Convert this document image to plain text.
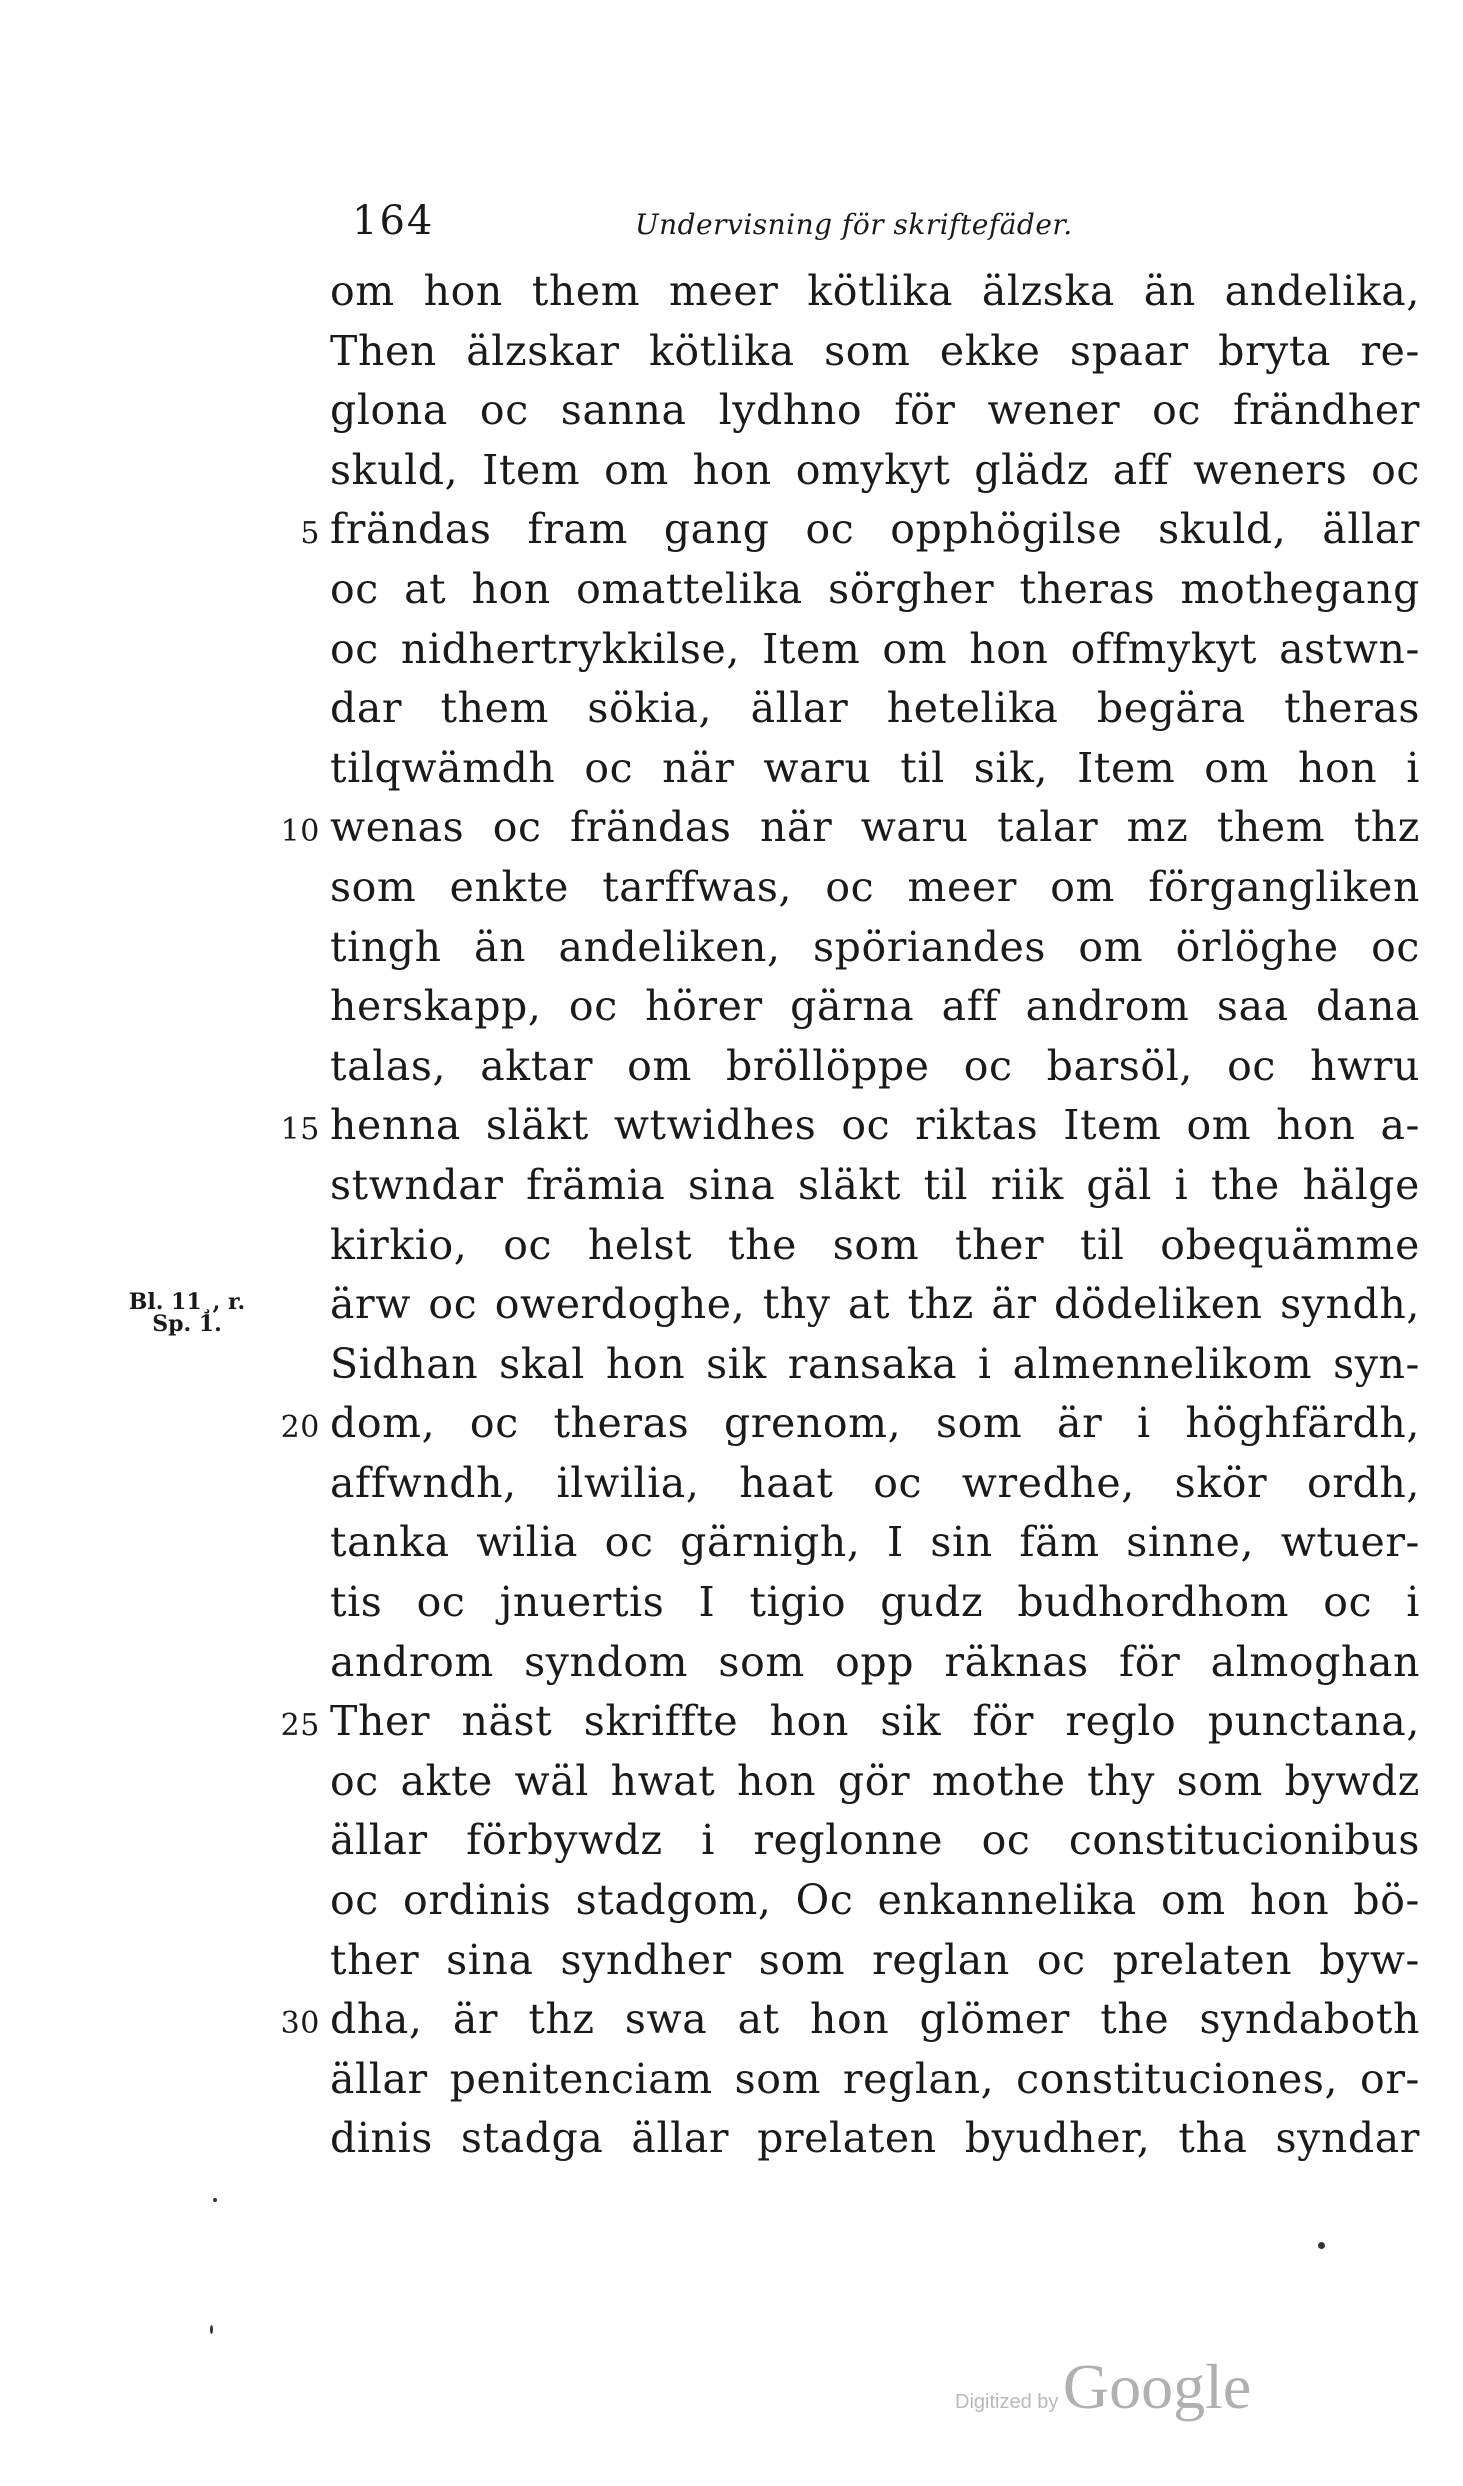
164	Undervisning för skriftefäder.
Bl. 11¸, r.
Sp. 1.
om hon them meer kötlika älzska än andelika,
Then älzskar kötlika som ekke spaar bryta re-
glona oc sanna lydhno för wener oc frändher
skuld, Item om hon omykyt glädz aff weners oc
5 frändas fram gang oc opphögilse skuld, ällar
oc at hon omattelika sörgher theras mothegang
oc nidhertrykkilse, Item om hon offmykyt astwn-
dar them sökia, ällar hetelika begära theras
tilqwämdh oc när waru til sik, Item om hon i
10 wenas oc frändas när waru talar mz them thz
som enkte tarffwas, oc meer om förgangliken
tingh än andeliken, spöriandes om örlöghe oc
herskapp, oc hörer gärna aff androm saa dana
talas, aktar om bröllöppe oc barsöl, oc hwru
15 henna släkt wtwidhes oc riktas Item om hon a-
stwndar främia sina släkt til riik gäl i the hälge
kirkio, oc helst the som ther til obequämme
ärw oc owerdoghe, thy at thz är dödeliken syndh,
Sidhan skal hon sik ransaka i almennelikom syn-
20 dom, oc theras grenom, som är i höghfärdh,
affwndh, ilwilia, haat oc wredhe, skör ordh,
tanka wilia oc gärnigh, I sin fäm sinne, wtuer-
tis oc jnuertis I tigio gudz budhordhom oc i
androm syndom som opp räknas för almoghan
25 Ther näst skriffte hon sik för reglo punctana,
oc akte wäl hwat hon gör mothe thy som bywdz
ällar förbywdz i reglonne oc constitucionibus
oc ordinis stadgom, Oc enkannelika om hon bö-
ther sina syndher som reglan oc prelaten byw-
30 dha, är thz swa at hon glömer the syndaboth
ällar penitenciam som reglan, constituciones, or-
dinis stadga ällar prelaten byudher, tha syndar
Digitized by Google
